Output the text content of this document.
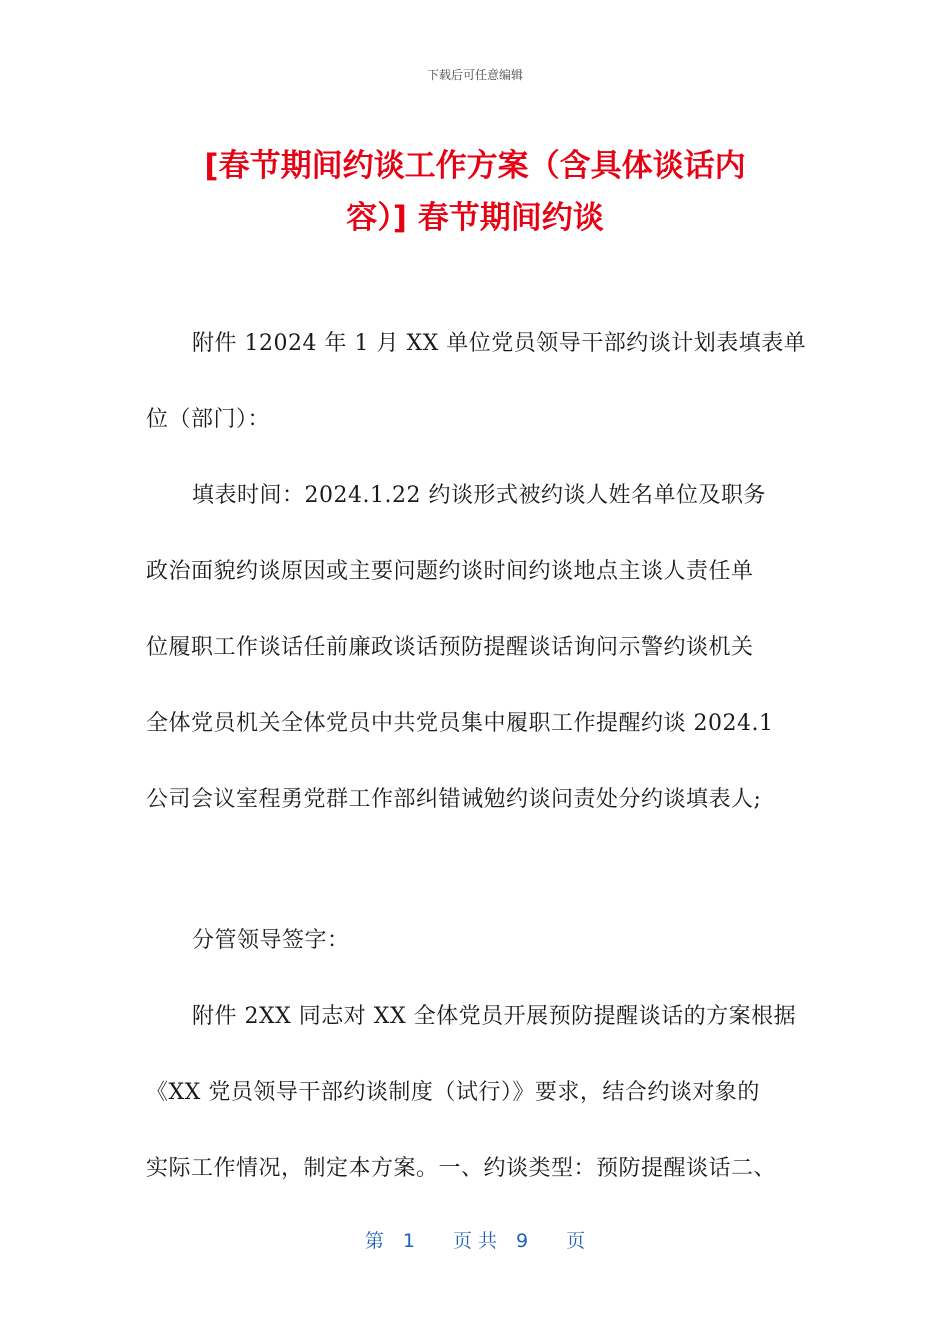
下载后可任意编辑
[春节期间约谈工作方案（含具体谈话内
容）] 春节期间约谈
附件 12024 年 1 月 XX 单位党员领导干部约谈计划表填表单
位（部门）：
填表时间：2024.1.22 约谈形式被约谈人姓名单位及职务
政治面貌约谈原因或主要问题约谈时间约谈地点主谈人责任单
位履职工作谈话任前廉政谈话预防提醒谈话询问示警约谈机关
全体党员机关全体党员中共党员集中履职工作提醒约谈 2024.1
公司会议室程勇党群工作部纠错诫勉约谈问责处分约谈填表人;
分管领导签字：
附件 2XX 同志对 XX 全体党员开展预防提醒谈话的方案根据
《XX 党员领导干部约谈制度（试行）》要求，结合约谈对象的
实际工作情况，制定本方案。一、约谈类型：预防提醒谈话二、
第　1　　页 共　9　　页
